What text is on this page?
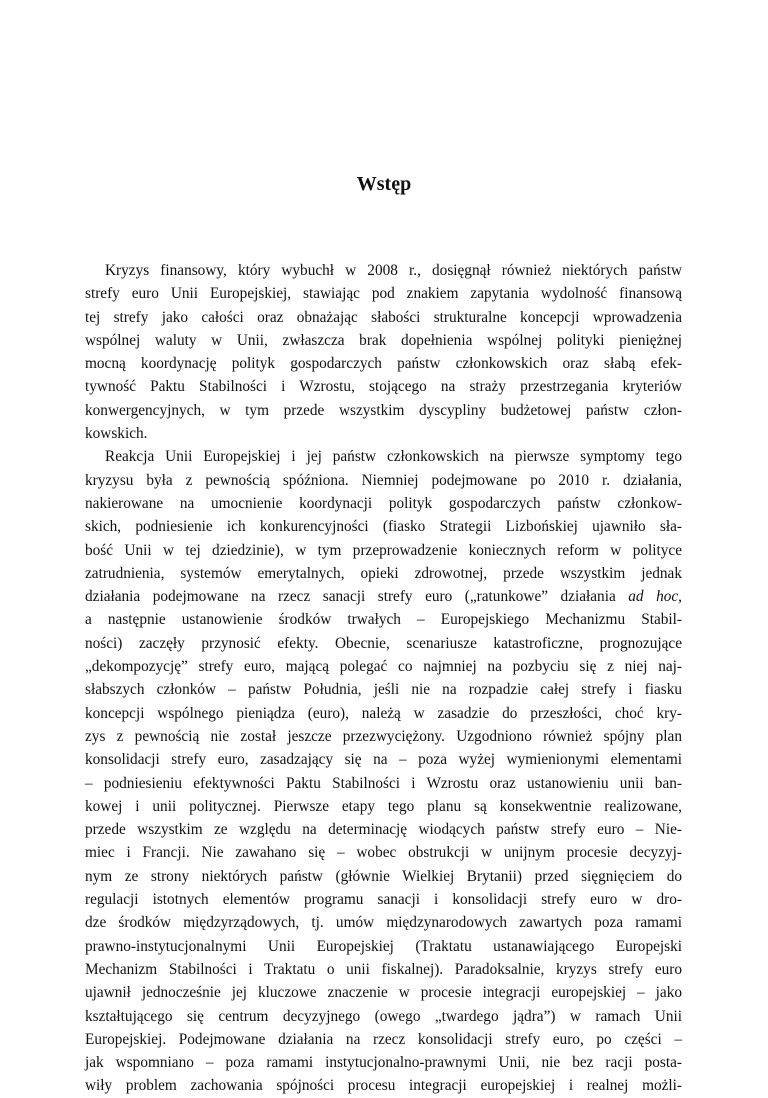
Wstęp
Kryzys finansowy, który wybuchł w 2008 r., dosięgnął również niektórych państw
strefy euro Unii Europejskiej, stawiając pod znakiem zapytania wydolność finansową
tej strefy jako całości oraz obnażając słabości strukturalne koncepcji wprowadzenia
wspólnej waluty w Unii, zwłaszcza brak dopełnienia wspólnej polityki pieniężnej
mocną koordynację polityk gospodarczych państw członkowskich oraz słabą efek-
tywność Paktu Stabilności i Wzrostu, stojącego na straży przestrzegania kryteriów
konwergencyjnych, w tym przede wszystkim dyscypliny budżetowej państw człon-
kowskich.
Reakcja Unii Europejskiej i jej państw członkowskich na pierwsze symptomy tego
kryzysu była z pewnością spóźniona. Niemniej podejmowane po 2010 r. działania,
nakierowane na umocnienie koordynacji polityk gospodarczych państw członkow-
skich, podniesienie ich konkurencyjności (fiasko Strategii Lizbońskiej ujawniło sła-
bość Unii w tej dziedzinie), w tym przeprowadzenie koniecznych reform w polityce
zatrudnienia, systemów emerytalnych, opieki zdrowotnej, przede wszystkim jednak
działania podejmowane na rzecz sanacji strefy euro („ratunkowe” działania ad hoc,
a następnie ustanowienie środków trwałych – Europejskiego Mechanizmu Stabil-
ności) zaczęły przynosić efekty. Obecnie, scenariusze katastroficzne, prognozujące
„dekompozycję” strefy euro, mającą polegać co najmniej na pozbyciu się z niej naj-
słabszych członków – państw Południa, jeśli nie na rozpadzie całej strefy i fiasku
koncepcji wspólnego pieniądza (euro), należą w zasadzie do przeszłości, choć kry-
zys z pewnością nie został jeszcze przezwyciężony. Uzgodniono również spójny plan
konsolidacji strefy euro, zasadzający się na – poza wyżej wymienionymi elementami
– podniesieniu efektywności Paktu Stabilności i Wzrostu oraz ustanowieniu unii ban-
kowej i unii politycznej. Pierwsze etapy tego planu są konsekwentnie realizowane,
przede wszystkim ze względu na determinację wiodących państw strefy euro – Nie-
miec i Francji. Nie zawahano się – wobec obstrukcji w unijnym procesie decyzyj-
nym ze strony niektórych państw (głównie Wielkiej Brytanii) przed sięgnięciem do
regulacji istotnych elementów programu sanacji i konsolidacji strefy euro w dro-
dze środków międzyrządowych, tj. umów międzynarodowych zawartych poza ramami
prawno-instytucjonalnymi Unii Europejskiej (Traktatu ustanawiającego Europejski
Mechanizm Stabilności i Traktatu o unii fiskalnej). Paradoksalnie, kryzys strefy euro
ujawnił jednocześnie jej kluczowe znaczenie w procesie integracji europejskiej – jako
kształtującego się centrum decyzyjnego (owego „twardego jądra”) w ramach Unii
Europejskiej. Podejmowane działania na rzecz konsolidacji strefy euro, po części –
jak wspomniano – poza ramami instytucjonalno-prawnymi Unii, nie bez racji posta-
wiły problem zachowania spójności procesu integracji europejskiej i realnej możli-
